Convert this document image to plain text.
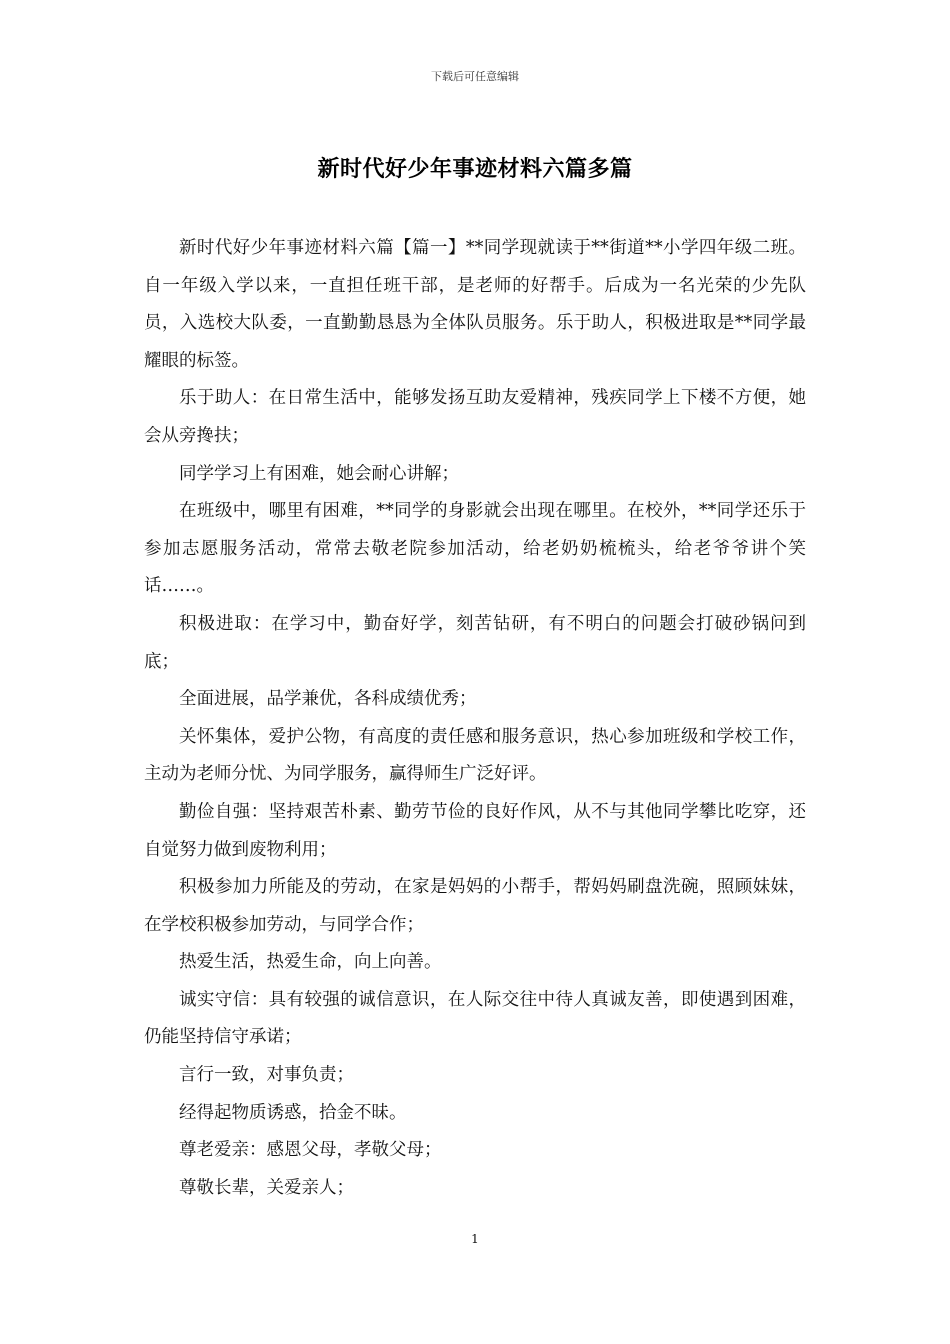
下载后可任意编辑
新时代好少年事迹材料六篇多篇

新时代好少年事迹材料六篇【篇一】**同学现就读于**街道**小学四年级二班。自一年级入学以来，一直担任班干部，是老师的好帮手。后成为一名光荣的少先队员，入选校大队委，一直勤勤恳恳为全体队员服务。乐于助人，积极进取是**同学最耀眼的标签。

乐于助人：在日常生活中，能够发扬互助友爱精神，残疾同学上下楼不方便，她会从旁搀扶；

同学学习上有困难，她会耐心讲解；

在班级中，哪里有困难，**同学的身影就会出现在哪里。在校外，**同学还乐于参加志愿服务活动，常常去敬老院参加活动，给老奶奶梳梳头，给老爷爷讲个笑话……。

积极进取：在学习中，勤奋好学，刻苦钻研，有不明白的问题会打破砂锅问到底；

全面进展，品学兼优，各科成绩优秀；

关怀集体，爱护公物，有高度的责任感和服务意识，热心参加班级和学校工作，主动为老师分忧、为同学服务，赢得师生广泛好评。

勤俭自强：坚持艰苦朴素、勤劳节俭的良好作风，从不与其他同学攀比吃穿，还自觉努力做到废物利用；

积极参加力所能及的劳动，在家是妈妈的小帮手，帮妈妈刷盘洗碗，照顾妹妹，在学校积极参加劳动，与同学合作；

热爱生活，热爱生命，向上向善。

诚实守信：具有较强的诚信意识，在人际交往中待人真诚友善，即使遇到困难，仍能坚持信守承诺；

言行一致，对事负责；

经得起物质诱惑，拾金不昧。

尊老爱亲：感恩父母，孝敬父母；

尊敬长辈，关爱亲人；

1
